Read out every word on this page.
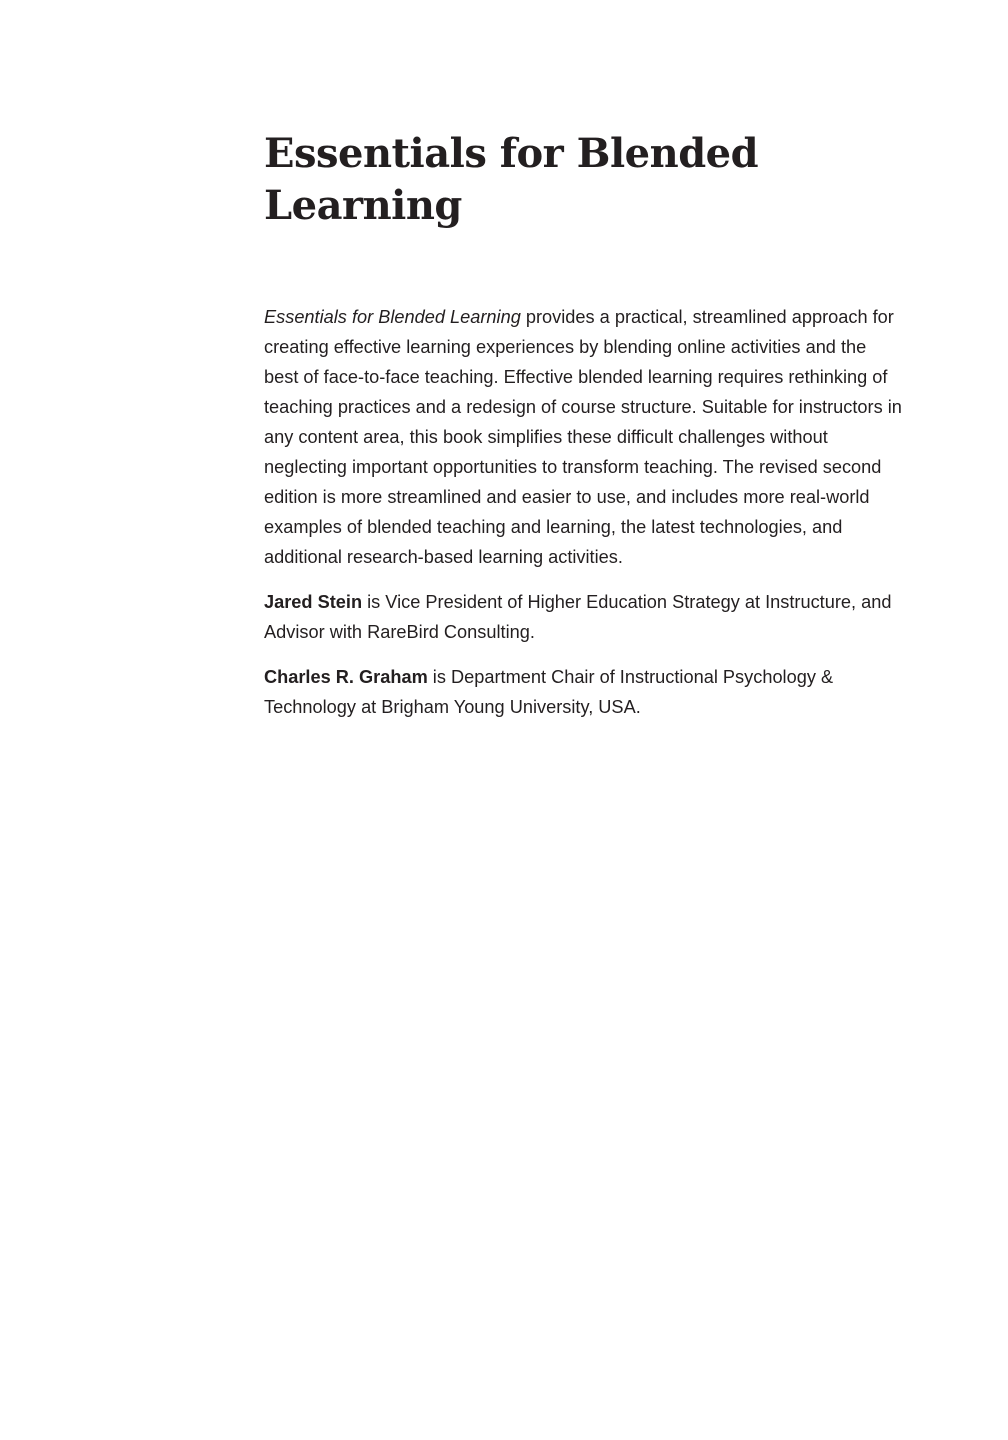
Essentials for Blended
Learning

Essentials for Blended Learning provides a practical, streamlined approach for creating effective learning experiences by blending online activities and the best of face-to-face teaching. Effective blended learning requires rethinking of teaching practices and a redesign of course structure. Suitable for instructors in any content area, this book simplifies these difficult challenges without neglecting important opportunities to transform teaching. The revised second edition is more streamlined and easier to use, and includes more real-world examples of blended teaching and learning, the latest technologies, and additional research-based learning activities.

Jared Stein is Vice President of Higher Education Strategy at Instructure, and Advisor with RareBird Consulting.

Charles R. Graham is Department Chair of Instructional Psychology & Technology at Brigham Young University, USA.
